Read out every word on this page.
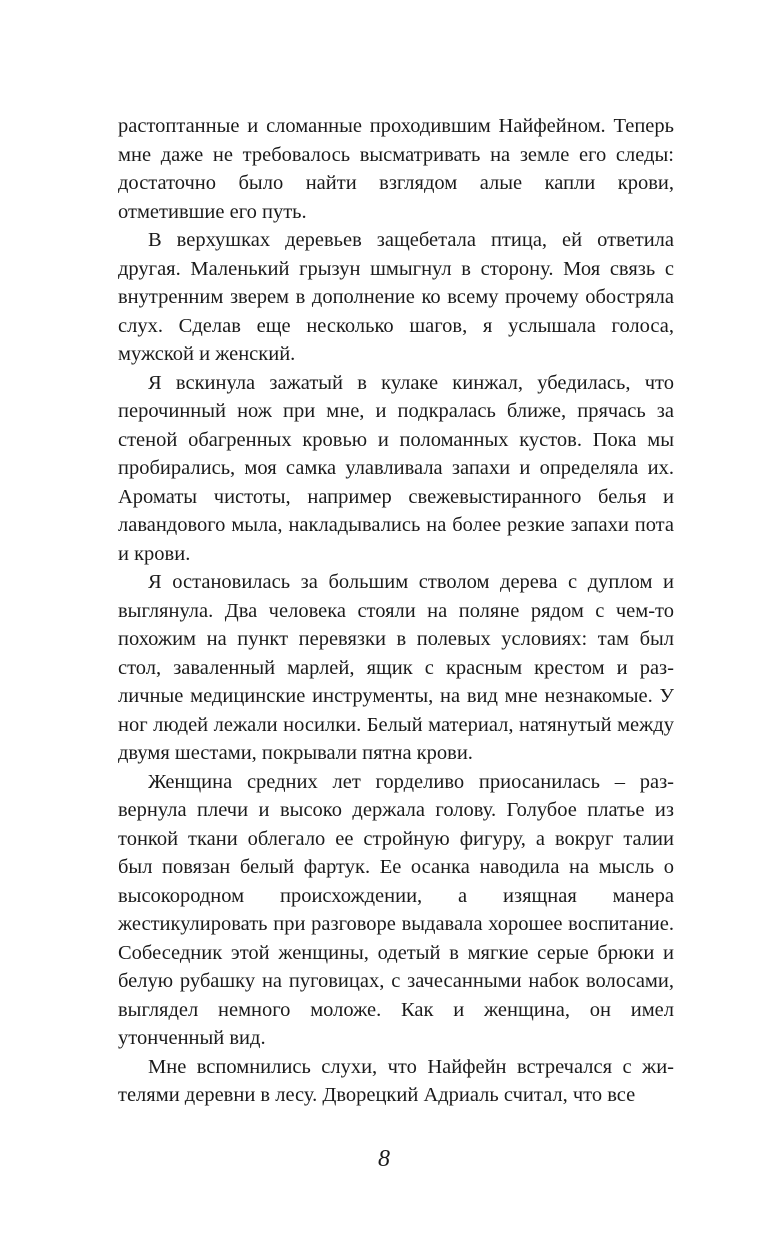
растоптанные и сломанные проходившим Найфейном. Теперь мне даже не требовалось высматривать на земле его следы: достаточно было найти взглядом алые капли крови, отметившие его путь.

В верхушках деревьев защебетала птица, ей ответила другая. Маленький грызун шмыгнул в сторону. Моя связь с внутренним зверем в дополнение ко всему прочему обостряла слух. Сделав еще несколько шагов, я услышала голоса, мужской и женский.

Я вскинула зажатый в кулаке кинжал, убедилась, что перочинный нож при мне, и подкралась ближе, прячась за стеной обагренных кровью и поломанных кустов. Пока мы пробирались, моя самка улавливала запахи и определяла их. Ароматы чистоты, например свежевыстиранного белья и лавандового мыла, накладывались на более резкие запахи пота и крови.

Я остановилась за большим стволом дерева с дуплом и выглянула. Два человека стояли на поляне рядом с чем-то похожим на пункт перевязки в полевых условиях: там был стол, заваленный марлей, ящик с красным крестом и различные медицинские инструменты, на вид мне незнакомые. У ног людей лежали носилки. Белый материал, натянутый между двумя шестами, покрывали пятна крови.

Женщина средних лет горделиво приосанилась – развернула плечи и высоко держала голову. Голубое платье из тонкой ткани облегало ее стройную фигуру, а вокруг талии был повязан белый фартук. Ее осанка наводила на мысль о высокородном происхождении, а изящная манера жестикулировать при разговоре выдавала хорошее воспитание. Собеседник этой женщины, одетый в мягкие серые брюки и белую рубашку на пуговицах, с зачесанными набок волосами, выглядел немного моложе. Как и женщина, он имел утонченный вид.

Мне вспомнились слухи, что Найфейн встречался с жителями деревни в лесу. Дворецкий Адриаль считал, что все

8
